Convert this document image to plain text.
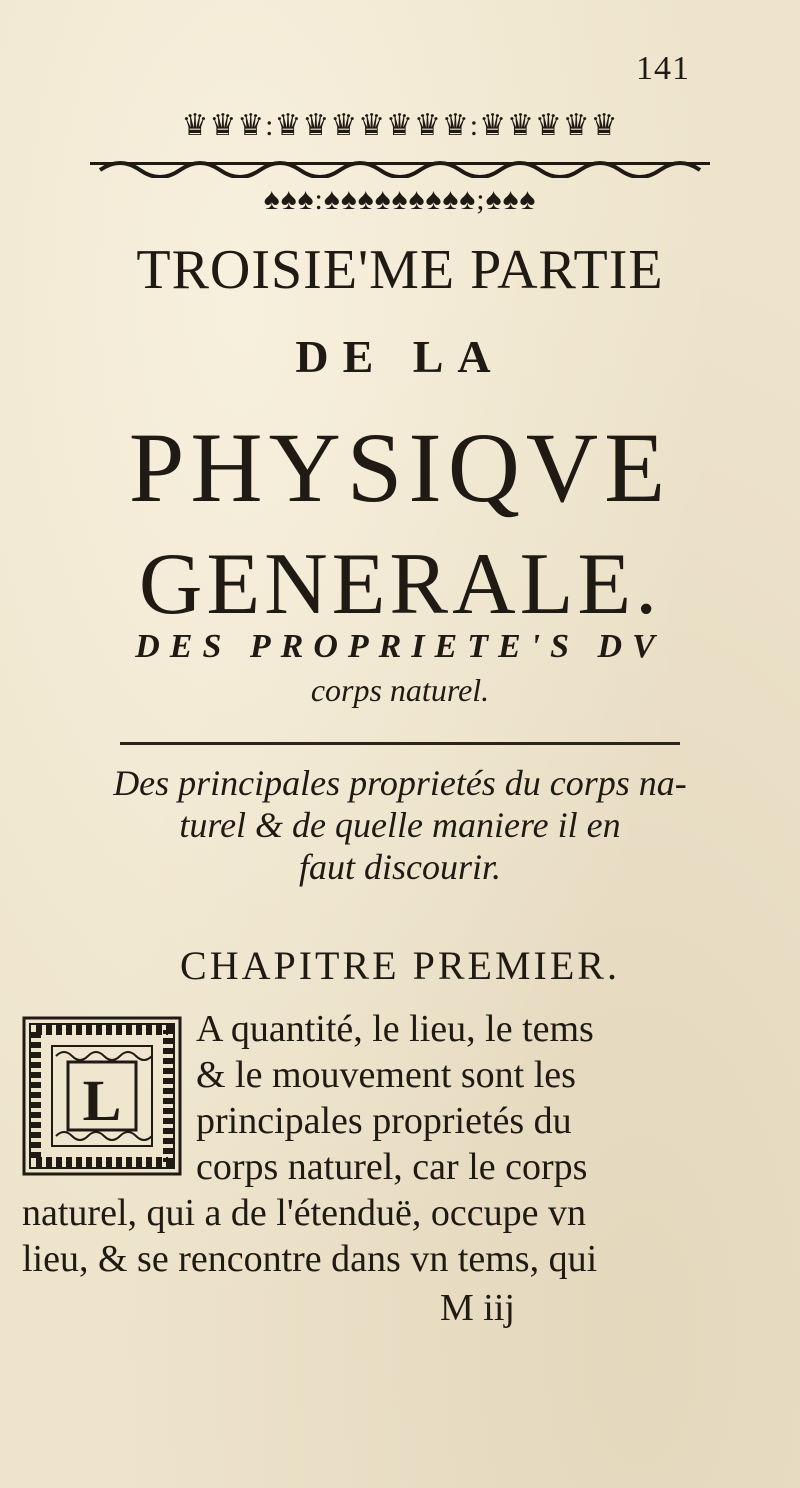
141
♛♛♛:♛♛♛♛♛♛♛:♛♛♛♛♛
♠♠♠:♠♠♠♠♠♠♠♠♠;♠♠♠
TROISIE'ME PARTIE
DE LA
PHYSIQVE
GENERALE.
DES PROPRIETE'S DV
corps naturel.
Des principales proprietés du corps na-
turel & de quelle maniere il en
faut discourir.
CHAPITRE PREMIER.
L
A quantité, le lieu, le tems
& le mouvement sont les
principales proprietés du
corps naturel, car le corps
naturel, qui a de l'étenduë, occupe vn
lieu, & se rencontre dans vn tems, qui
M iij
